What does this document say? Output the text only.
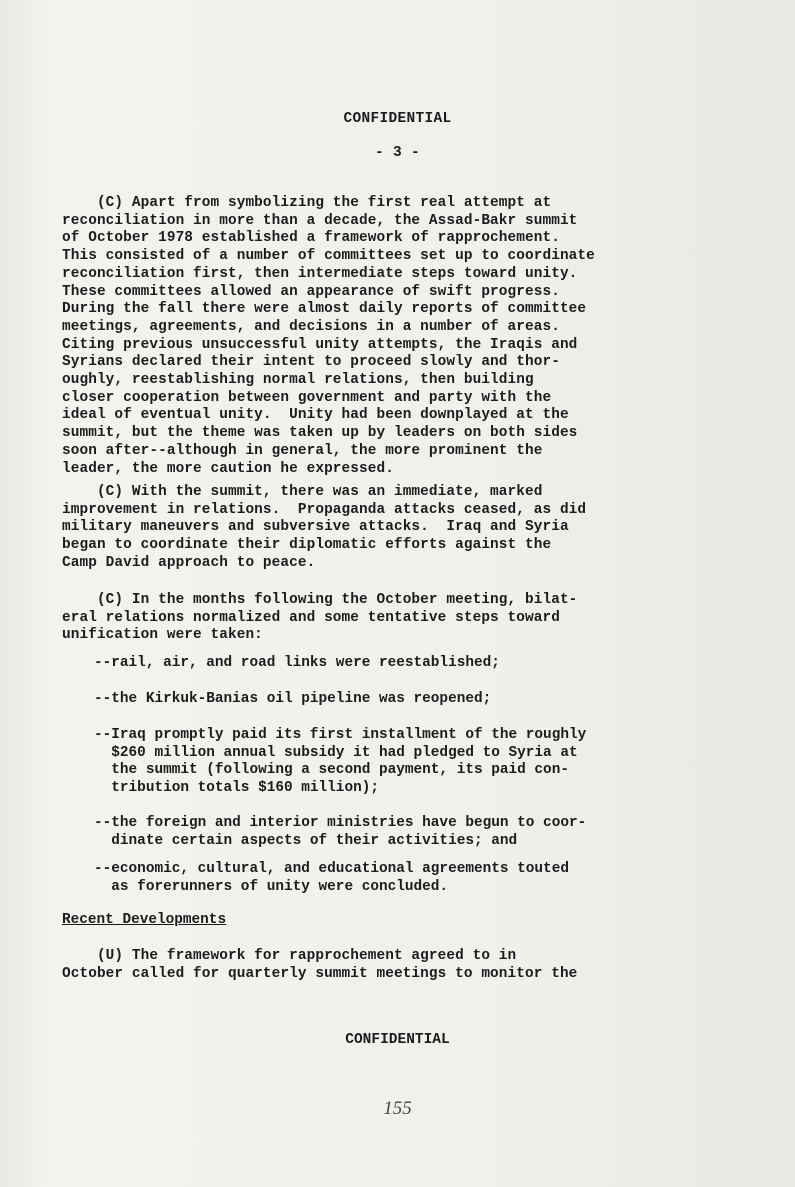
CONFIDENTIAL
- 3 -
(C) Apart from symbolizing the first real attempt at
reconciliation in more than a decade, the Assad-Bakr summit
of October 1978 established a framework of rapprochement.
This consisted of a number of committees set up to coordinate
reconciliation first, then intermediate steps toward unity.
These committees allowed an appearance of swift progress.
During the fall there were almost daily reports of committee
meetings, agreements, and decisions in a number of areas.
Citing previous unsuccessful unity attempts, the Iraqis and
Syrians declared their intent to proceed slowly and thor-
oughly, reestablishing normal relations, then building
closer cooperation between government and party with the
ideal of eventual unity.  Unity had been downplayed at the
summit, but the theme was taken up by leaders on both sides
soon after--although in general, the more prominent the
leader, the more caution he expressed.
(C) With the summit, there was an immediate, marked
improvement in relations.  Propaganda attacks ceased, as did
military maneuvers and subversive attacks.  Iraq and Syria
began to coordinate their diplomatic efforts against the
Camp David approach to peace.
(C) In the months following the October meeting, bilat-
eral relations normalized and some tentative steps toward
unification were taken:
--rail, air, and road links were reestablished;
--the Kirkuk-Banias oil pipeline was reopened;
--Iraq promptly paid its first installment of the roughly
$260 million annual subsidy it had pledged to Syria at
the summit (following a second payment, its paid con-
tribution totals $160 million);
--the foreign and interior ministries have begun to coor-
dinate certain aspects of their activities; and
--economic, cultural, and educational agreements touted
as forerunners of unity were concluded.
Recent Developments
(U) The framework for rapprochement agreed to in
October called for quarterly summit meetings to monitor the
CONFIDENTIAL
155
